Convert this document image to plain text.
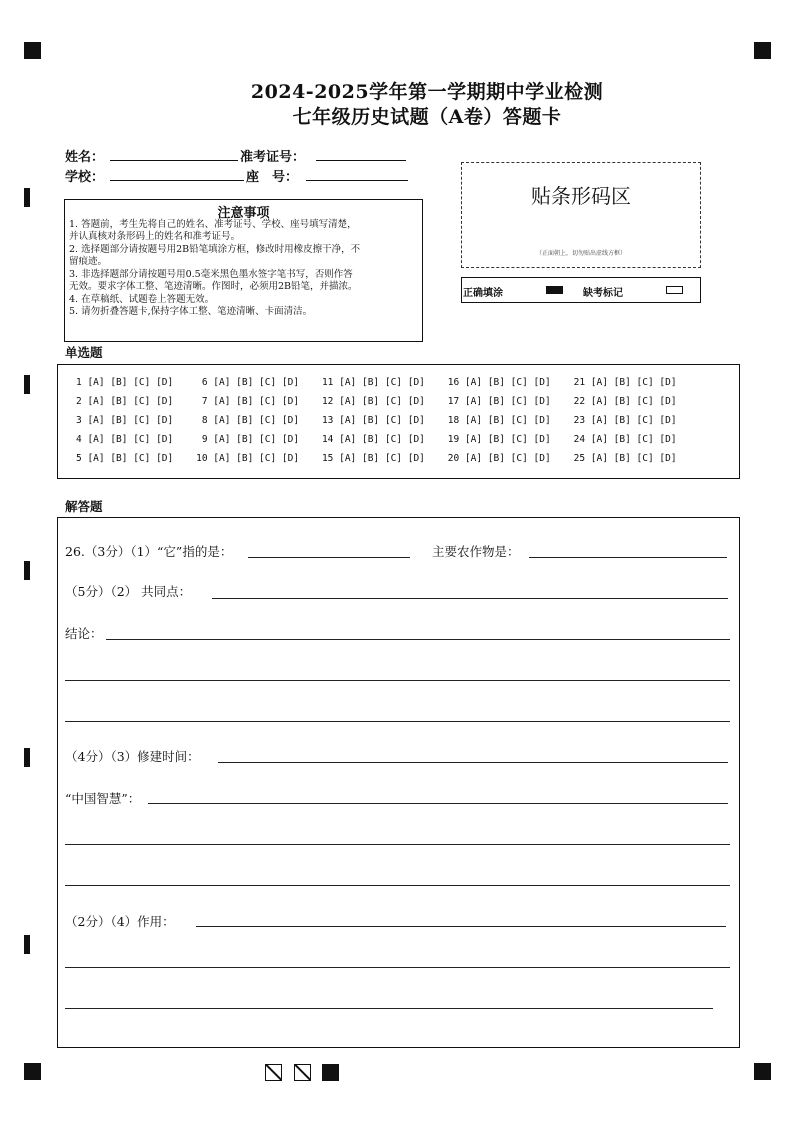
2024-2025学年第一学期期中学业检测
七年级历史试题（A卷）答题卡
姓名：	准考证号：
学校：	座　号：
贴条形码区
（正面朝上，切勿贴出虚线方框）
正确填涂	缺考标记
注意事项
1. 答题前，考生先将自己的姓名、准考证号、学校、座号填写清楚，
并认真核对条形码上的姓名和准考证号。
2. 选择题部分请按题号用2B铅笔填涂方框，修改时用橡皮擦干净，不
留痕迹。
3. 非选择题部分请按题号用0.5毫米黑色墨水签字笔书写，否则作答
无效。要求字体工整、笔迹清晰。作图时，必须用2B铅笔，并描浓。
4. 在草稿纸、试题卷上答题无效。
5. 请勿折叠答题卡,保持字体工整、笔迹清晰、卡面清洁。
单选题
1 [A] [B] [C] [D]     6 [A] [B] [C] [D]    11 [A] [B] [C] [D]    16 [A] [B] [C] [D]    21 [A] [B] [C] [D]
2 [A] [B] [C] [D]     7 [A] [B] [C] [D]    12 [A] [B] [C] [D]    17 [A] [B] [C] [D]    22 [A] [B] [C] [D]
3 [A] [B] [C] [D]     8 [A] [B] [C] [D]    13 [A] [B] [C] [D]    18 [A] [B] [C] [D]    23 [A] [B] [C] [D]
4 [A] [B] [C] [D]     9 [A] [B] [C] [D]    14 [A] [B] [C] [D]    19 [A] [B] [C] [D]    24 [A] [B] [C] [D]
5 [A] [B] [C] [D]    10 [A] [B] [C] [D]    15 [A] [B] [C] [D]    20 [A] [B] [C] [D]    25 [A] [B] [C] [D]
解答题
26.（3分）（1）“它”指的是：	主要农作物是：
（5分）（2） 共同点：
结论：
（4分）（3）修建时间：
“中国智慧”：
（2分）（4）作用：
